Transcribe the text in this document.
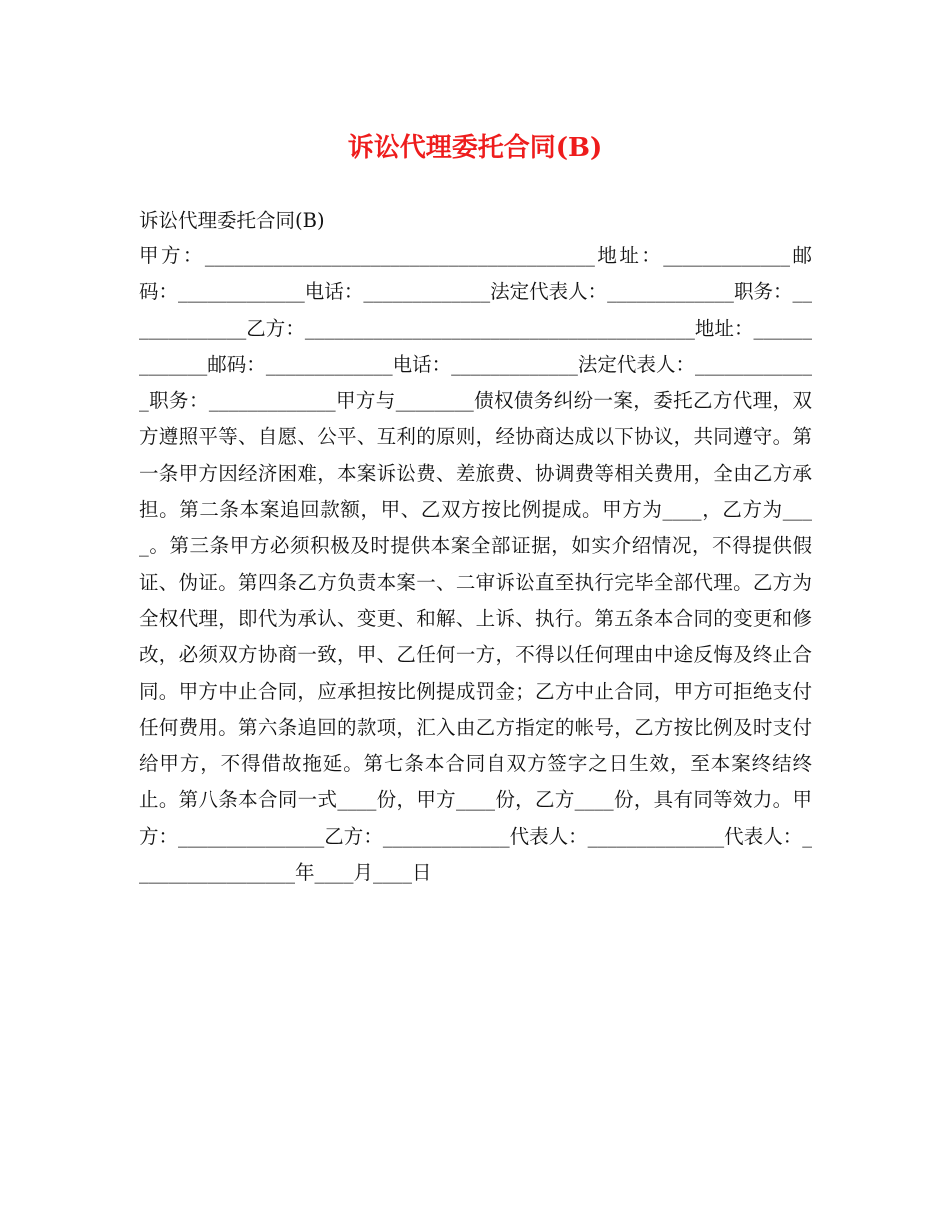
诉讼代理委托合同(B)

诉讼代理委托合同(B)

甲方：________________________________________地址：_____________邮码：_____________电话：_____________法定代表人：_____________职务：_____________乙方：________________________________________地址：_____________邮码：_____________电话：_____________法定代表人：_____________职务：_____________甲方与________债权债务纠纷一案，委托乙方代理，双方遵照平等、自愿、公平、互利的原则，经协商达成以下协议，共同遵守。第一条甲方因经济困难，本案诉讼费、差旅费、协调费等相关费用，全由乙方承担。第二条本案追回款额，甲、乙双方按比例提成。甲方为____，乙方为____。第三条甲方必须积极及时提供本案全部证据，如实介绍情况，不得提供假证、伪证。第四条乙方负责本案一、二审诉讼直至执行完毕全部代理。乙方为全权代理，即代为承认、变更、和解、上诉、执行。第五条本合同的变更和修改，必须双方协商一致，甲、乙任何一方，不得以任何理由中途反悔及终止合同。甲方中止合同，应承担按比例提成罚金；乙方中止合同，甲方可拒绝支付任何费用。第六条追回的款项，汇入由乙方指定的帐号，乙方按比例及时支付给甲方，不得借故拖延。第七条本合同自双方签字之日生效，至本案终结终止。第八条本合同一式____份，甲方____份，乙方____份，具有同等效力。甲方：_______________乙方：_____________代表人：______________代表人：_________________年____月____日
